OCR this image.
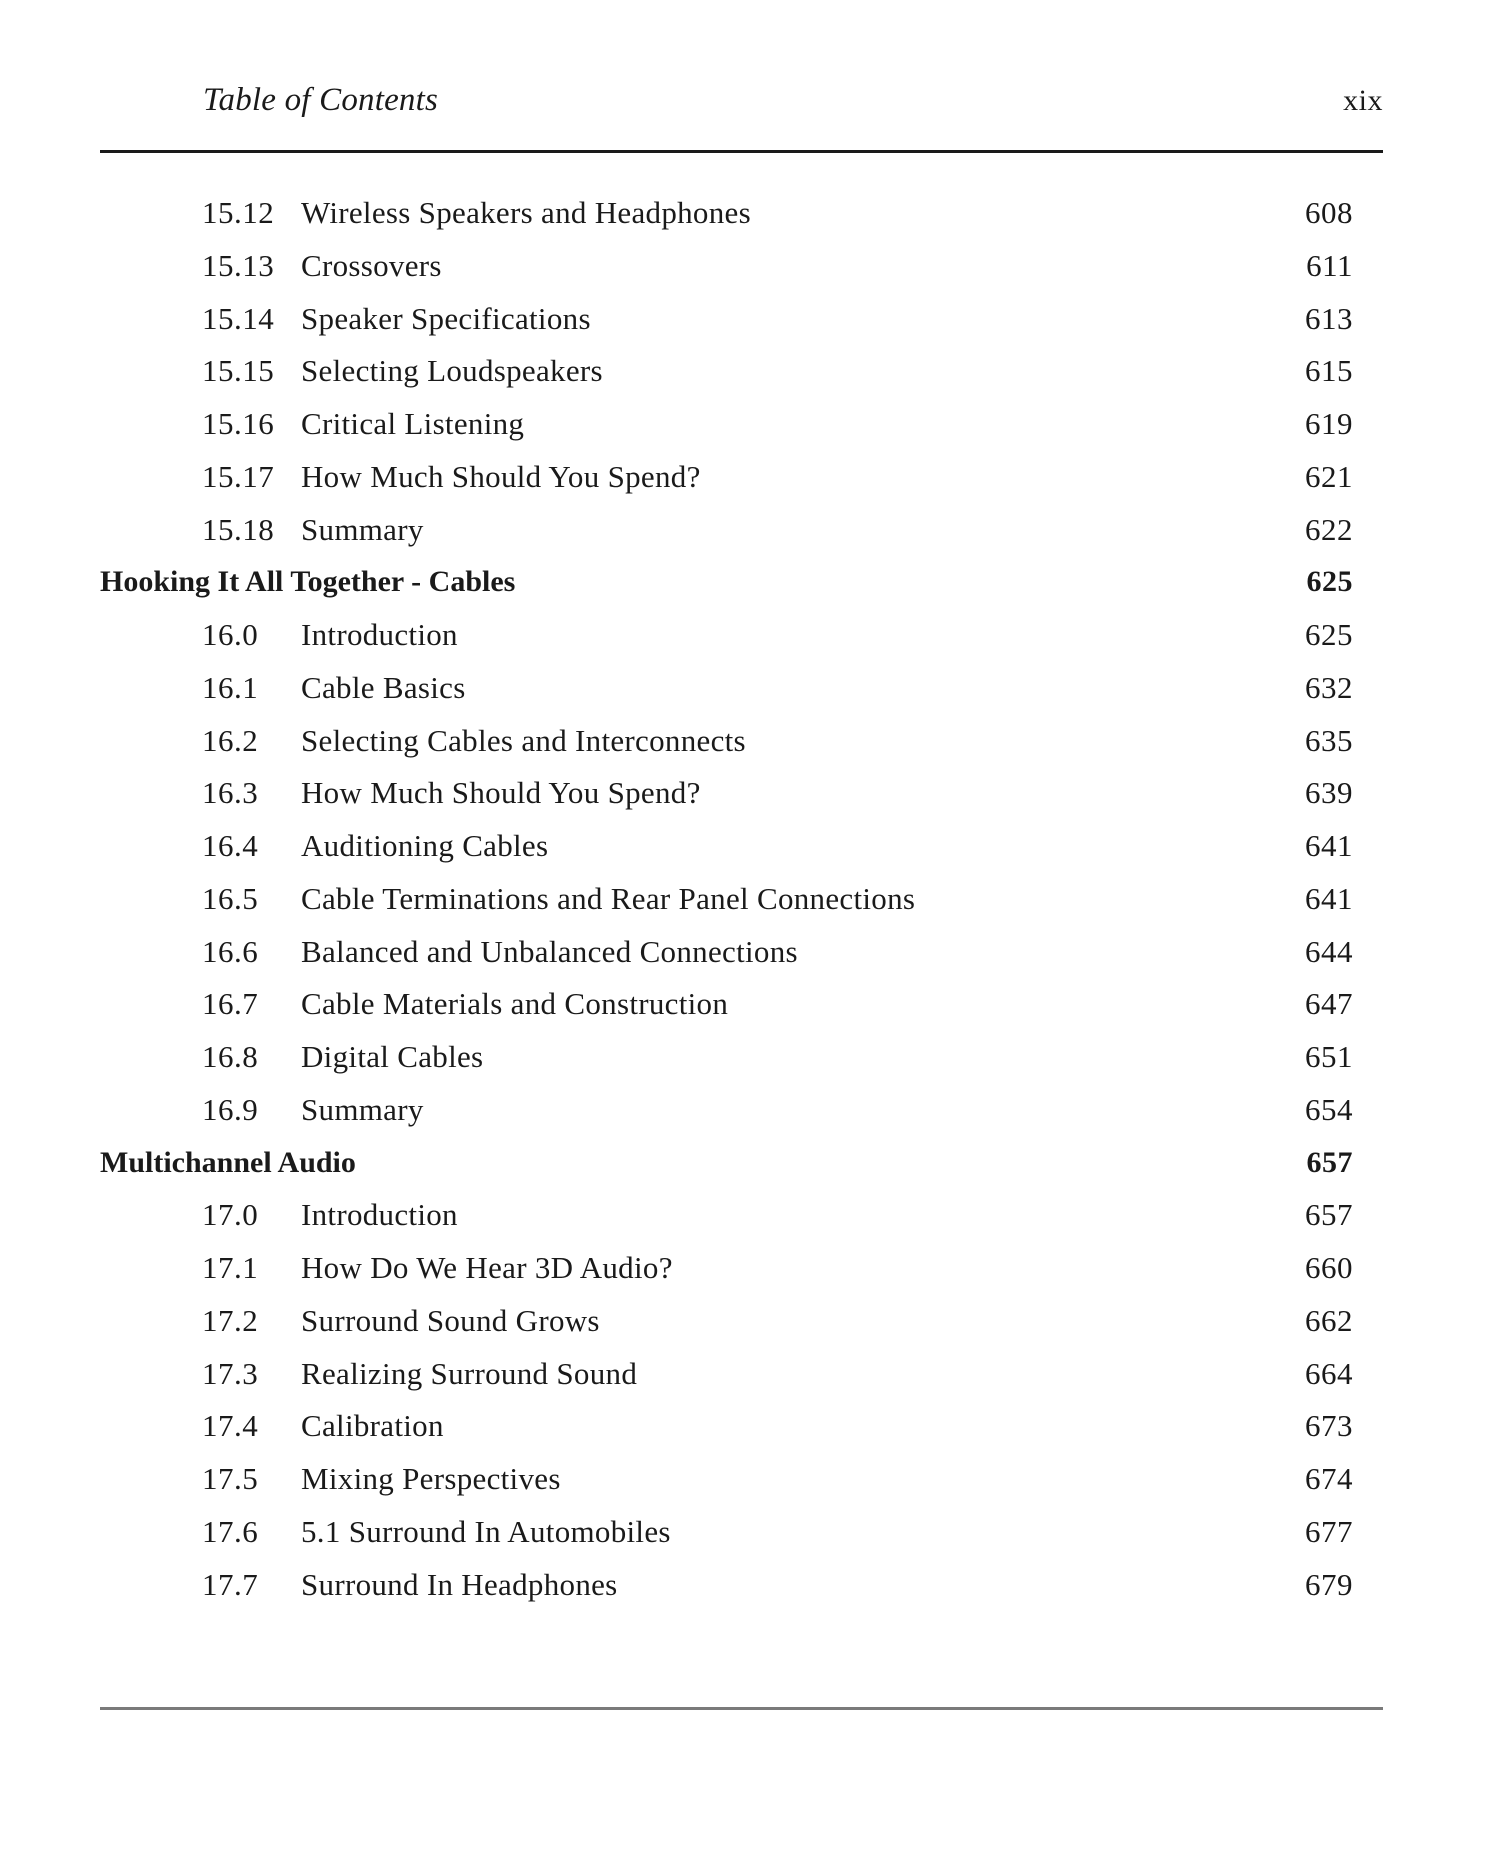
Table of Contents	xix
15.12 Wireless Speakers and Headphones	608
15.13 Crossovers	611
15.14 Speaker Specifications	613
15.15 Selecting Loudspeakers	615
15.16 Critical Listening	619
15.17 How Much Should You Spend?	621
15.18 Summary	622
Hooking It All Together - Cables	625
16.0 Introduction	625
16.1 Cable Basics	632
16.2 Selecting Cables and Interconnects	635
16.3 How Much Should You Spend?	639
16.4 Auditioning Cables	641
16.5 Cable Terminations and Rear Panel Connections	641
16.6 Balanced and Unbalanced Connections	644
16.7 Cable Materials and Construction	647
16.8 Digital Cables	651
16.9 Summary	654
Multichannel Audio	657
17.0 Introduction	657
17.1 How Do We Hear 3D Audio?	660
17.2 Surround Sound Grows	662
17.3 Realizing Surround Sound	664
17.4 Calibration	673
17.5 Mixing Perspectives	674
17.6 5.1 Surround In Automobiles	677
17.7 Surround In Headphones	679
